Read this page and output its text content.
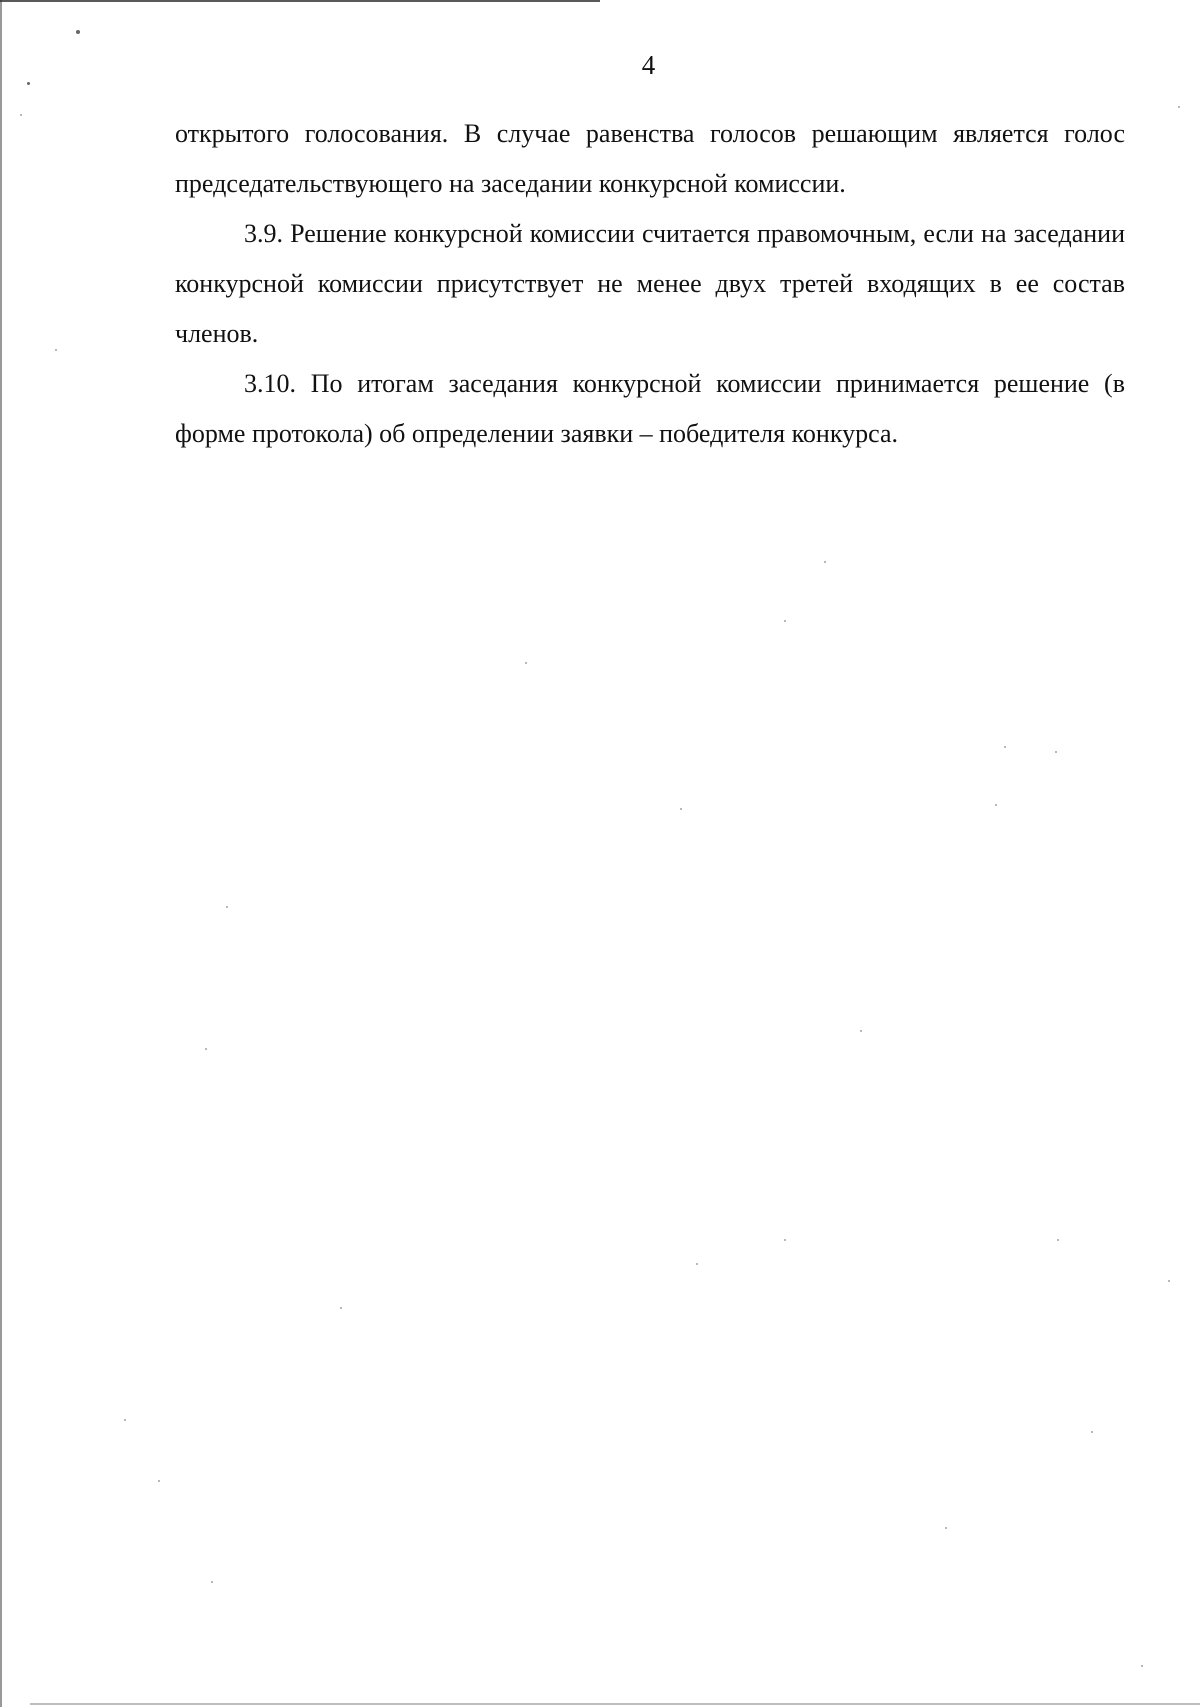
4

открытого голосования. В случае равенства голосов решающим является голос председательствующего на заседании конкурсной комиссии.

3.9. Решение конкурсной комиссии считается правомочным, если на заседании конкурсной комиссии присутствует не менее двух третей входящих в ее состав членов.

3.10. По итогам заседания конкурсной комиссии принимается решение (в форме протокола) об определении заявки – победителя конкурса.
